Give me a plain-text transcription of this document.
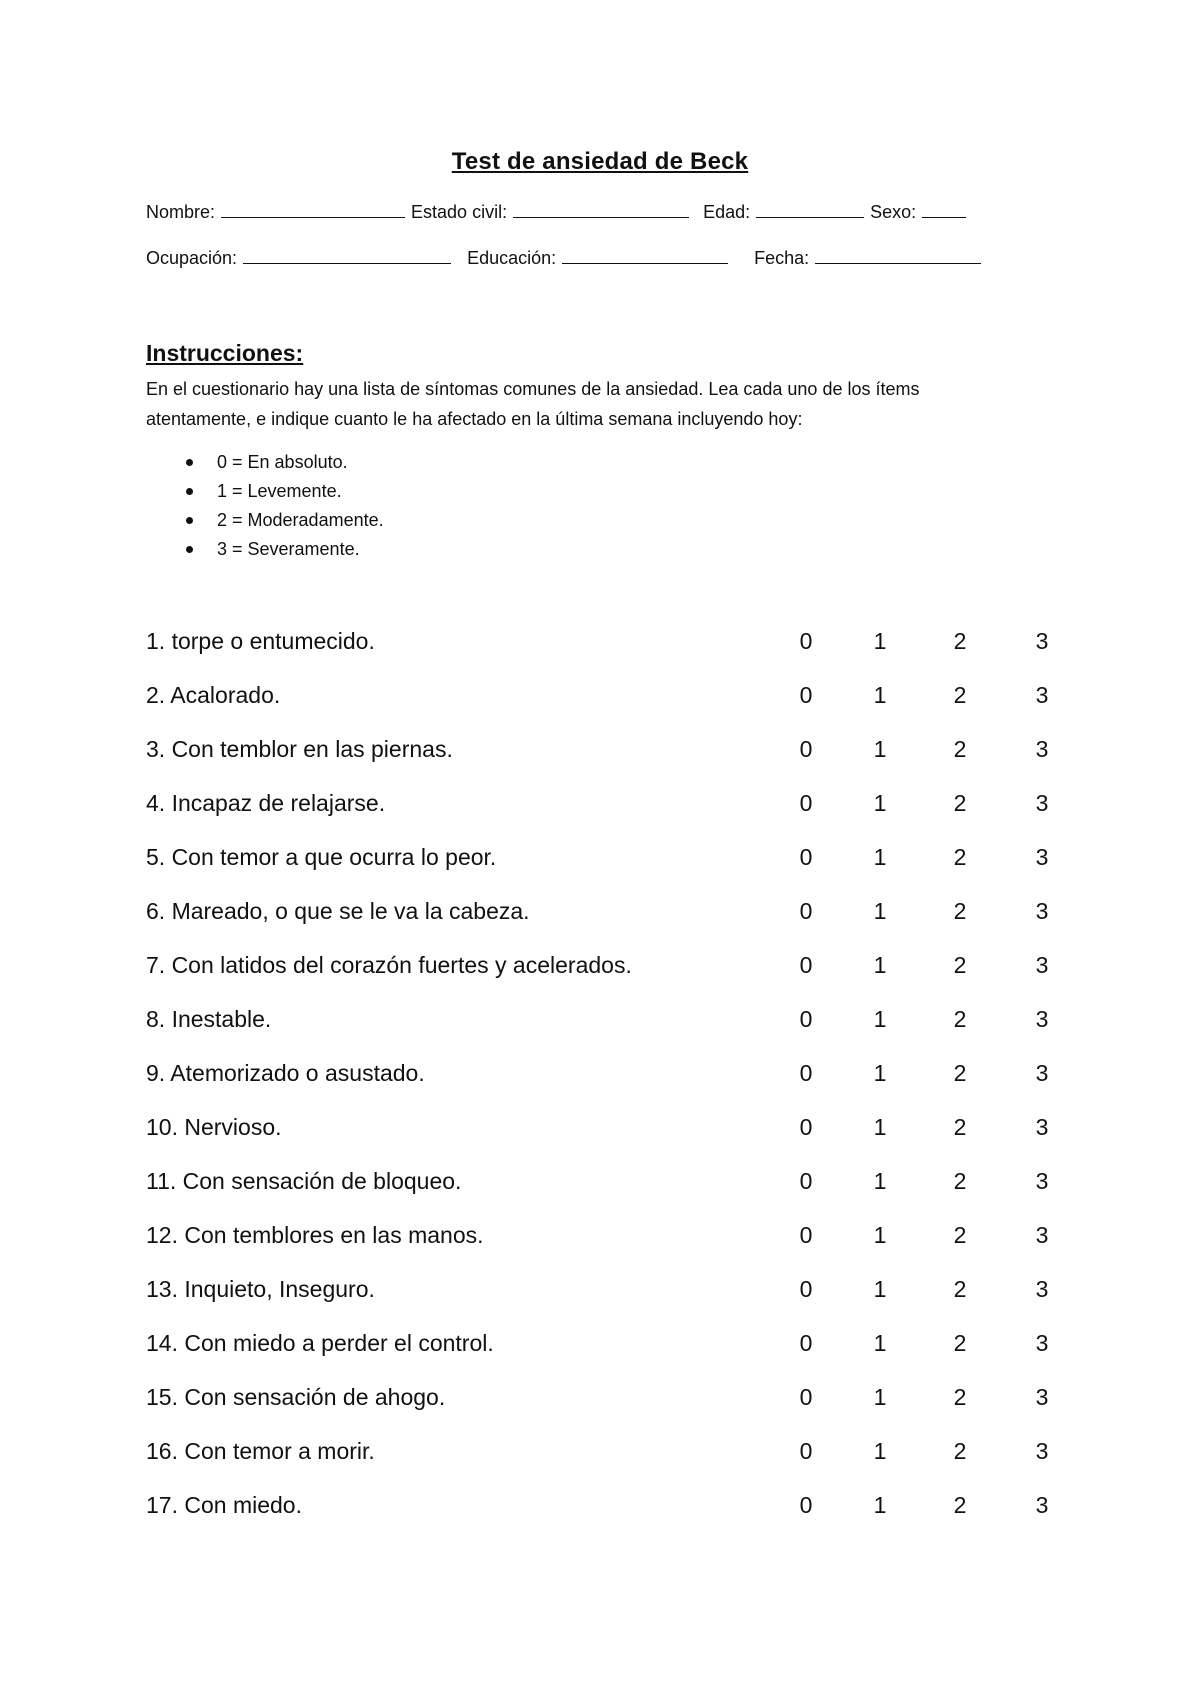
Test de ansiedad de Beck
Nombre:	Estado civil:	Edad:	Sexo:
Ocupación:	Educación:	Fecha:
Instrucciones:
En el cuestionario hay una lista de síntomas comunes de la ansiedad. Lea cada uno de los ítems atentamente, e indique cuanto le ha afectado en la última semana incluyendo hoy:
0 = En absoluto.
1 = Levemente.
2 = Moderadamente.
3 = Severamente.
1. torpe o entumecido.	0	1	2	3
2. Acalorado.	0	1	2	3
3. Con temblor en las piernas.	0	1	2	3
4. Incapaz de relajarse.	0	1	2	3
5. Con temor a que ocurra lo peor.	0	1	2	3
6. Mareado, o que se le va la cabeza.	0	1	2	3
7. Con latidos del corazón fuertes y acelerados.	0	1	2	3
8. Inestable.	0	1	2	3
9. Atemorizado o asustado.	0	1	2	3
10. Nervioso.	0	1	2	3
11. Con sensación de bloqueo.	0	1	2	3
12. Con temblores en las manos.	0	1	2	3
13. Inquieto, Inseguro.	0	1	2	3
14. Con miedo a perder el control.	0	1	2	3
15. Con sensación de ahogo.	0	1	2	3
16. Con temor a morir.	0	1	2	3
17. Con miedo.	0	1	2	3
